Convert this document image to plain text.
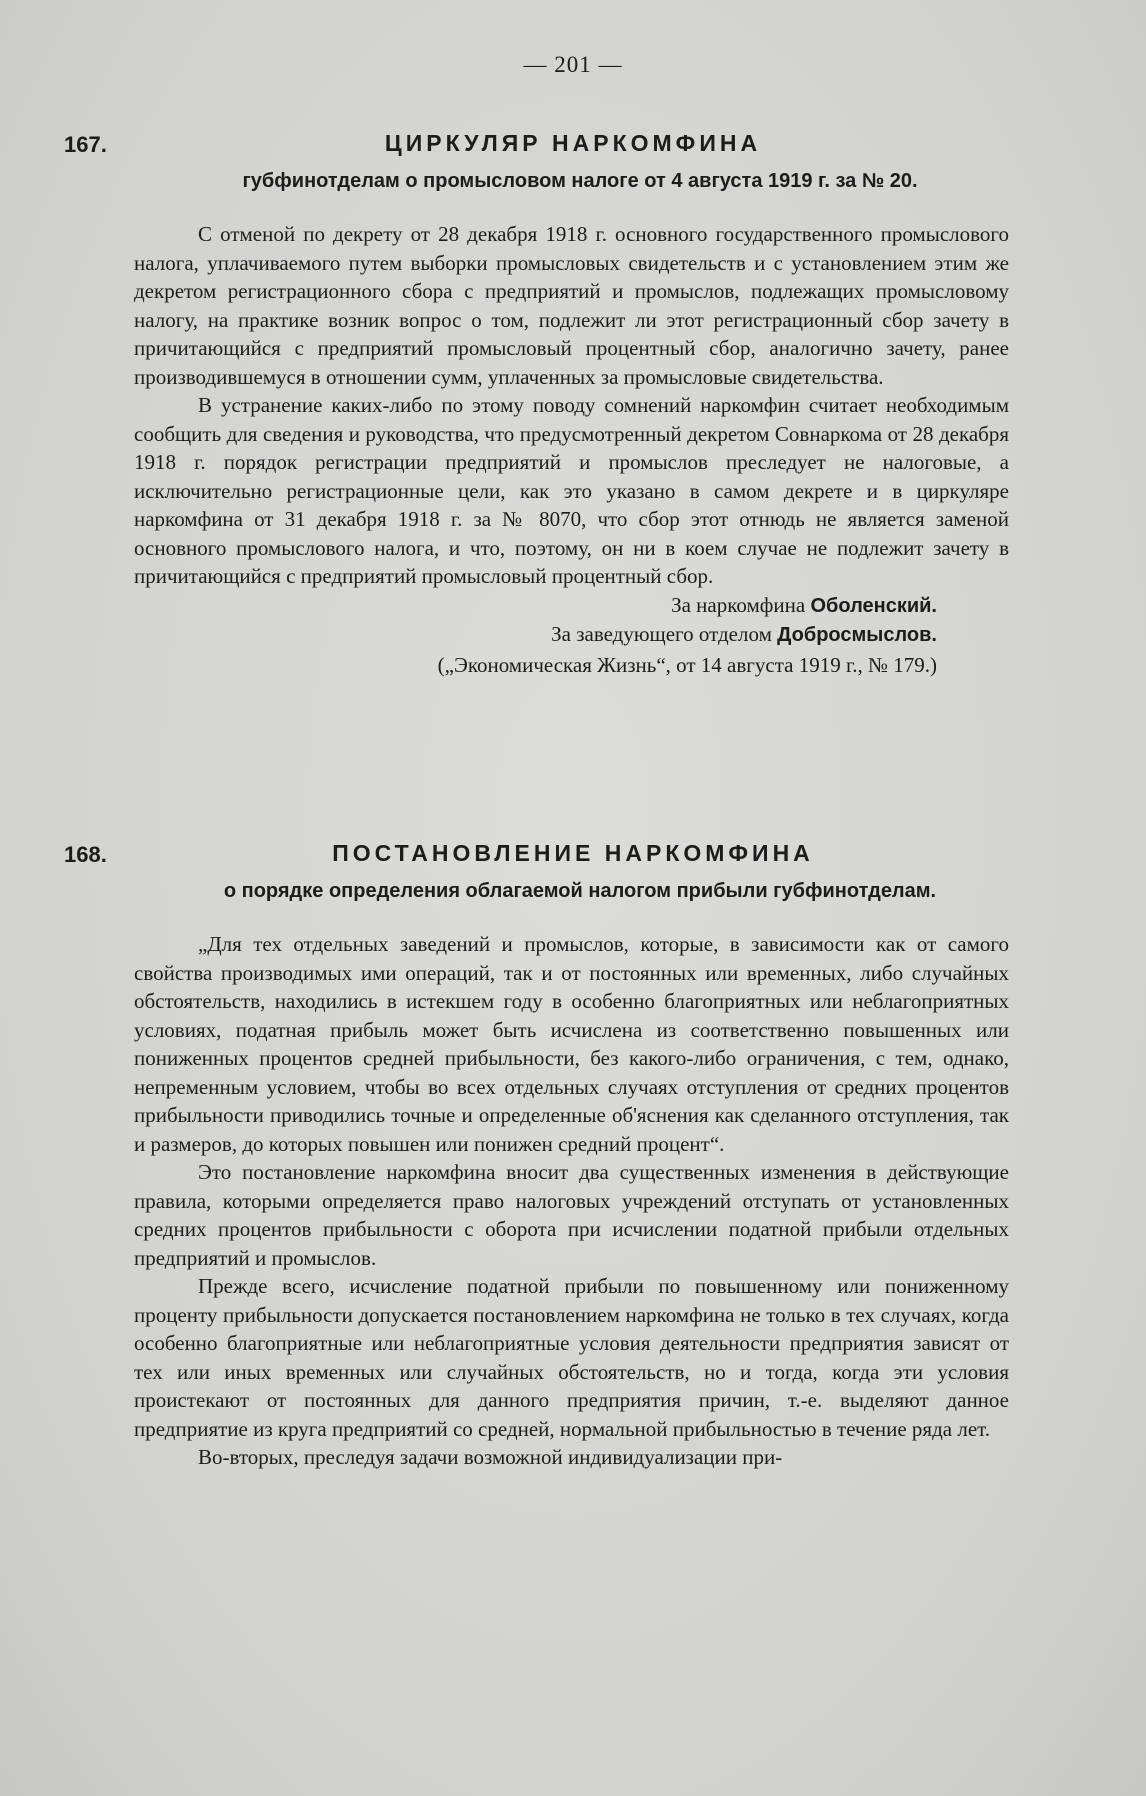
— 201 —
167.	ЦИРКУЛЯР НАРКОМФИНА
губфинотделам о промысловом налоге от 4 августа 1919 г. за № 20.

С отменой по декрету от 28 декабря 1918 г. основного государственного промыслового налога, уплачиваемого путем выборки промысловых свидетельств и с установлением этим же декретом регистрационного сбора с предприятий и промыслов, подлежащих промысловому налогу, на практике возник вопрос о том, подлежит ли этот регистрационный сбор зачету в причитающийся с предприятий промысловый процентный сбор, аналогично зачету, ранее производившемуся в отношении сумм, уплаченных за промысловые свидетельства.

В устранение каких-либо по этому поводу сомнений наркомфин считает необходимым сообщить для сведения и руководства, что предусмотренный декретом Совнаркома от 28 декабря 1918 г. порядок регистрации предприятий и промыслов преследует не налоговые, а исключительно регистрационные цели, как это указано в самом декрете и в циркуляре наркомфина от 31 декабря 1918 г. за № 8070, что сбор этот отнюдь не является заменой основного промыслового налога, и что, поэтому, он ни в коем случае не подлежит зачету в причитающийся с предприятий промысловый процентный сбор.

За наркомфина Оболенский.
За заведующего отделом Добросмыслов.
(„Экономическая Жизнь“, от 14 августа 1919 г., № 179.)
168.	ПОСТАНОВЛЕНИЕ НАРКОМФИНА
о порядке определения облагаемой налогом прибыли губфинотделам.

„Для тех отдельных заведений и промыслов, которые, в зависимости как от самого свойства производимых ими операций, так и от постоянных или временных, либо случайных обстоятельств, находились в истекшем году в особенно благоприятных или неблагоприятных условиях, податная прибыль может быть исчислена из соответственно повышенных или пониженных процентов средней прибыльности, без какого-либо ограничения, с тем, однако, непременным условием, чтобы во всех отдельных случаях отступления от средних процентов прибыльности приводились точные и определенные об'яснения как сделанного отступления, так и размеров, до которых повышен или понижен средний процент“.

Это постановление наркомфина вносит два существенных изменения в действующие правила, которыми определяется право налоговых учреждений отступать от установленных средних процентов прибыльности с оборота при исчислении податной прибыли отдельных предприятий и промыслов.

Прежде всего, исчисление податной прибыли по повышенному или пониженному проценту прибыльности допускается постановлением наркомфина не только в тех случаях, когда особенно благоприятные или неблагоприятные условия деятельности предприятия зависят от тех или иных временных или случайных обстоятельств, но и тогда, когда эти условия проистекают от постоянных для данного предприятия причин, т.-е. выделяют данное предприятие из круга предприятий со средней, нормальной прибыльностью в течение ряда лет.

Во-вторых, преследуя задачи возможной индивидуализации при-
